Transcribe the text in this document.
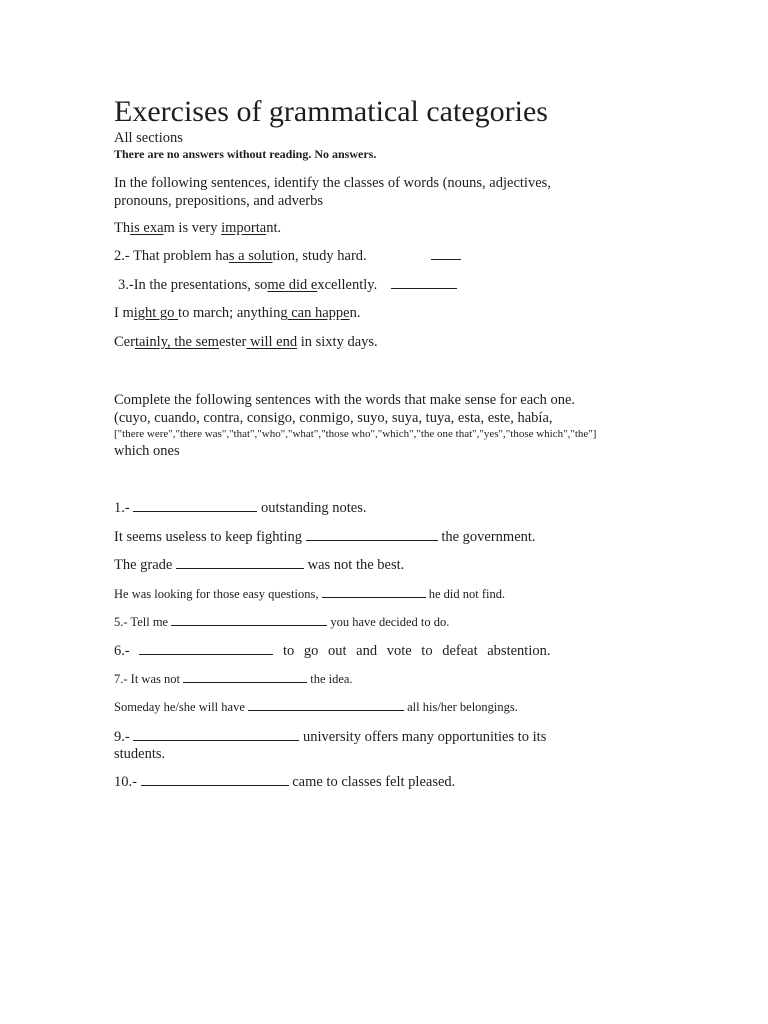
Exercises of grammatical categories
All sections
There are no answers without reading. No answers.
In the following sentences, identify the classes of words (nouns, adjectives, pronouns, prepositions, and adverbs
This exam is very important.
2.- That problem has a solution, study hard.
3.-In the presentations, some did excellently.
I might go to march; anything can happen.
Certainly, the semester will end in sixty days.
Complete the following sentences with the words that make sense for each one.
(cuyo, cuando, contra, consigo, conmigo, suyo, suya, tuya, esta, este, había,
["there were","there was","that","who","what","those who","which","the one that","yes","those which","the"]
which ones
1.-	outstanding notes.
It seems useless to keep fighting	the government.
The grade	was not the best.
He was looking for those easy questions,	he did not find.
5.- Tell me	you have decided to do.
6.-	to go out and vote to defeat abstention.
7.- It was not	the idea.
Someday he/she will have	all his/her belongings.
9.-	university offers many opportunities to its
students.
10.-	came to classes felt pleased.
